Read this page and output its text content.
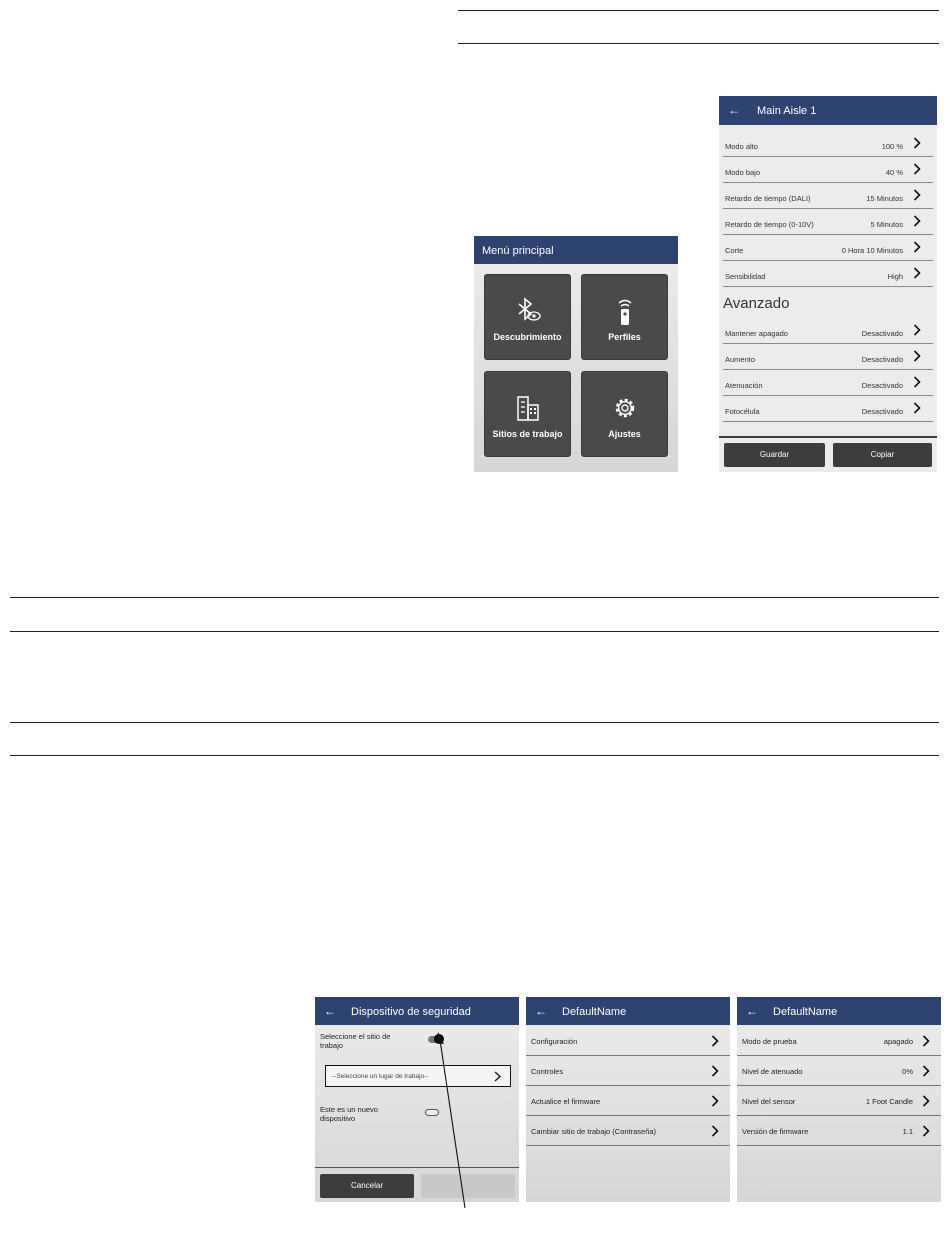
Menú principal
Descubrimiento	Perfiles
Sitios de trabajo	Ajustes
← Main Aisle 1
Modo alto	100 %
Modo bajo	40 %
Retardo de tiempo (DALI)	15 Minutos
Retardo de tiempo (0-10V)	5 Minutos
Corte	0 Hora 10 Minutos
Sensibilidad	High
Avanzado
Mantener apagado	Desactivado
Aumento	Desactivado
Atenuación	Desactivado
Fotocélula	Desactivado
Guardar	Copiar
← Dispositivo de seguridad
Seleccione el sitio de trabajo
--Seleccione un lugar de trabajo--
Este es un nuevo dispositivo
Cancelar
← DefaultName
Configuración
Controles
Actualice el firmware
Cambiar sitio de trabajo (Contraseña)
← DefaultName
Modo de prueba	apagado
Nivel de atenuado	0%
Nivel del sensor	1 Foot Candle
Versión de firmware	1.1
